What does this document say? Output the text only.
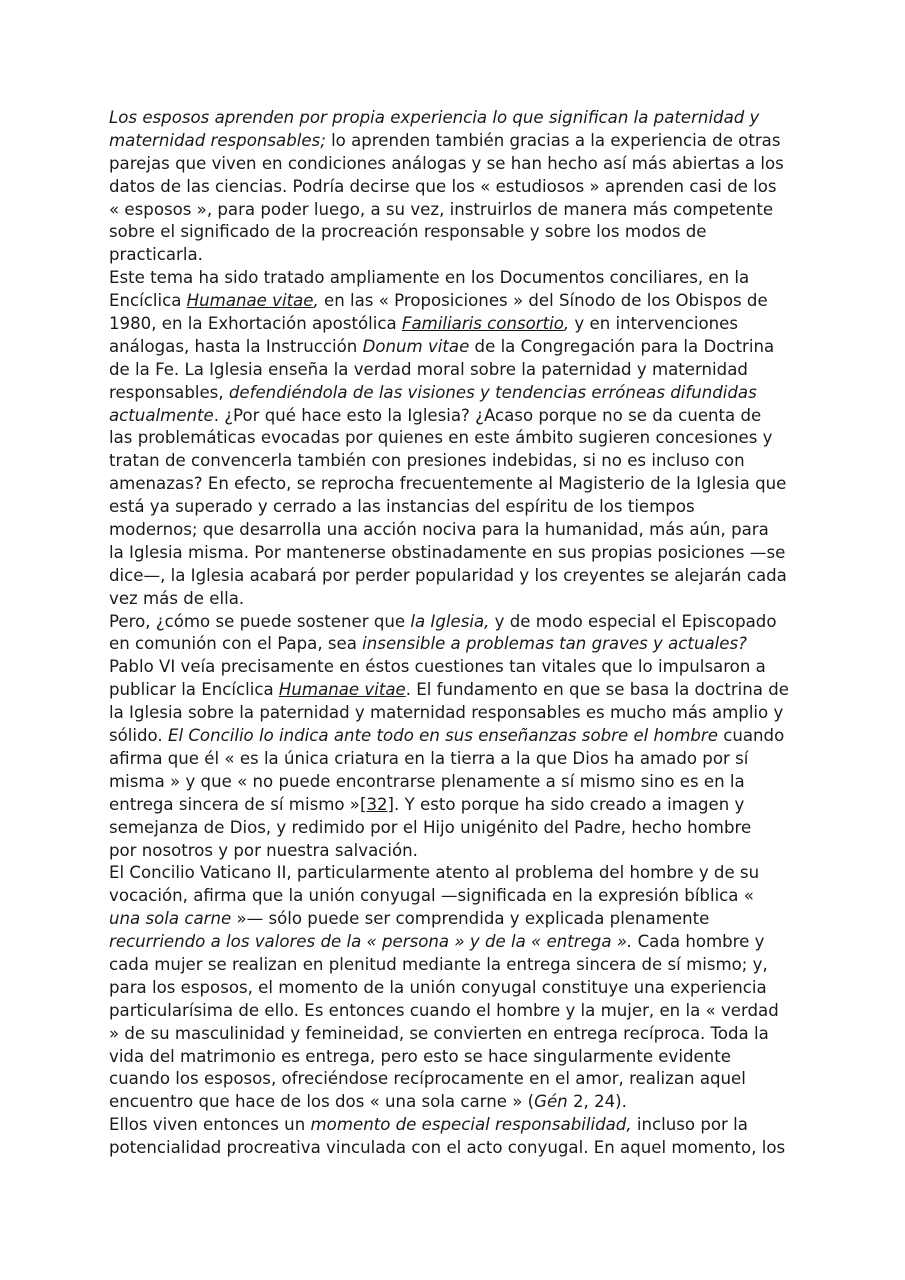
Los esposos aprenden por propia experiencia lo que significan la paternidad y
maternidad responsables; lo aprenden también gracias a la experiencia de otras
parejas que viven en condiciones análogas y se han hecho así más abiertas a los
datos de las ciencias. Podría decirse que los « estudiosos » aprenden casi de los
« esposos », para poder luego, a su vez, instruirlos de manera más competente
sobre el significado de la procreación responsable y sobre los modos de
practicarla.
Este tema ha sido tratado ampliamente en los Documentos conciliares, en la
Encíclica Humanae vitae, en las « Proposiciones » del Sínodo de los Obispos de
1980, en la Exhortación apostólica Familiaris consortio, y en intervenciones
análogas, hasta la Instrucción Donum vitae de la Congregación para la Doctrina
de la Fe. La Iglesia enseña la verdad moral sobre la paternidad y maternidad
responsables, defendiéndola de las visiones y tendencias erróneas difundidas
actualmente. ¿Por qué hace esto la Iglesia? ¿Acaso porque no se da cuenta de
las problemáticas evocadas por quienes en este ámbito sugieren concesiones y
tratan de convencerla también con presiones indebidas, si no es incluso con
amenazas? En efecto, se reprocha frecuentemente al Magisterio de la Iglesia que
está ya superado y cerrado a las instancias del espíritu de los tiempos
modernos; que desarrolla una acción nociva para la humanidad, más aún, para
la Iglesia misma. Por mantenerse obstinadamente en sus propias posiciones —se
dice—, la Iglesia acabará por perder popularidad y los creyentes se alejarán cada
vez más de ella.
Pero, ¿cómo se puede sostener que la Iglesia, y de modo especial el Episcopado
en comunión con el Papa, sea insensible a problemas tan graves y actuales?
Pablo VI veía precisamente en éstos cuestiones tan vitales que lo impulsaron a
publicar la Encíclica Humanae vitae. El fundamento en que se basa la doctrina de
la Iglesia sobre la paternidad y maternidad responsables es mucho más amplio y
sólido. El Concilio lo indica ante todo en sus enseñanzas sobre el hombre cuando
afirma que él « es la única criatura en la tierra a la que Dios ha amado por sí
misma » y que « no puede encontrarse plenamente a sí mismo sino es en la
entrega sincera de sí mismo »[32]. Y esto porque ha sido creado a imagen y
semejanza de Dios, y redimido por el Hijo unigénito del Padre, hecho hombre
por nosotros y por nuestra salvación.
El Concilio Vaticano II, particularmente atento al problema del hombre y de su
vocación, afirma que la unión conyugal —significada en la expresión bíblica «
una sola carne »— sólo puede ser comprendida y explicada plenamente
recurriendo a los valores de la « persona » y de la « entrega ». Cada hombre y
cada mujer se realizan en plenitud mediante la entrega sincera de sí mismo; y,
para los esposos, el momento de la unión conyugal constituye una experiencia
particularísima de ello. Es entonces cuando el hombre y la mujer, en la « verdad
» de su masculinidad y femineidad, se convierten en entrega recíproca. Toda la
vida del matrimonio es entrega, pero esto se hace singularmente evidente
cuando los esposos, ofreciéndose recíprocamente en el amor, realizan aquel
encuentro que hace de los dos « una sola carne » (Gén 2, 24).
Ellos viven entonces un momento de especial responsabilidad, incluso por la
potencialidad procreativa vinculada con el acto conyugal. En aquel momento, los
